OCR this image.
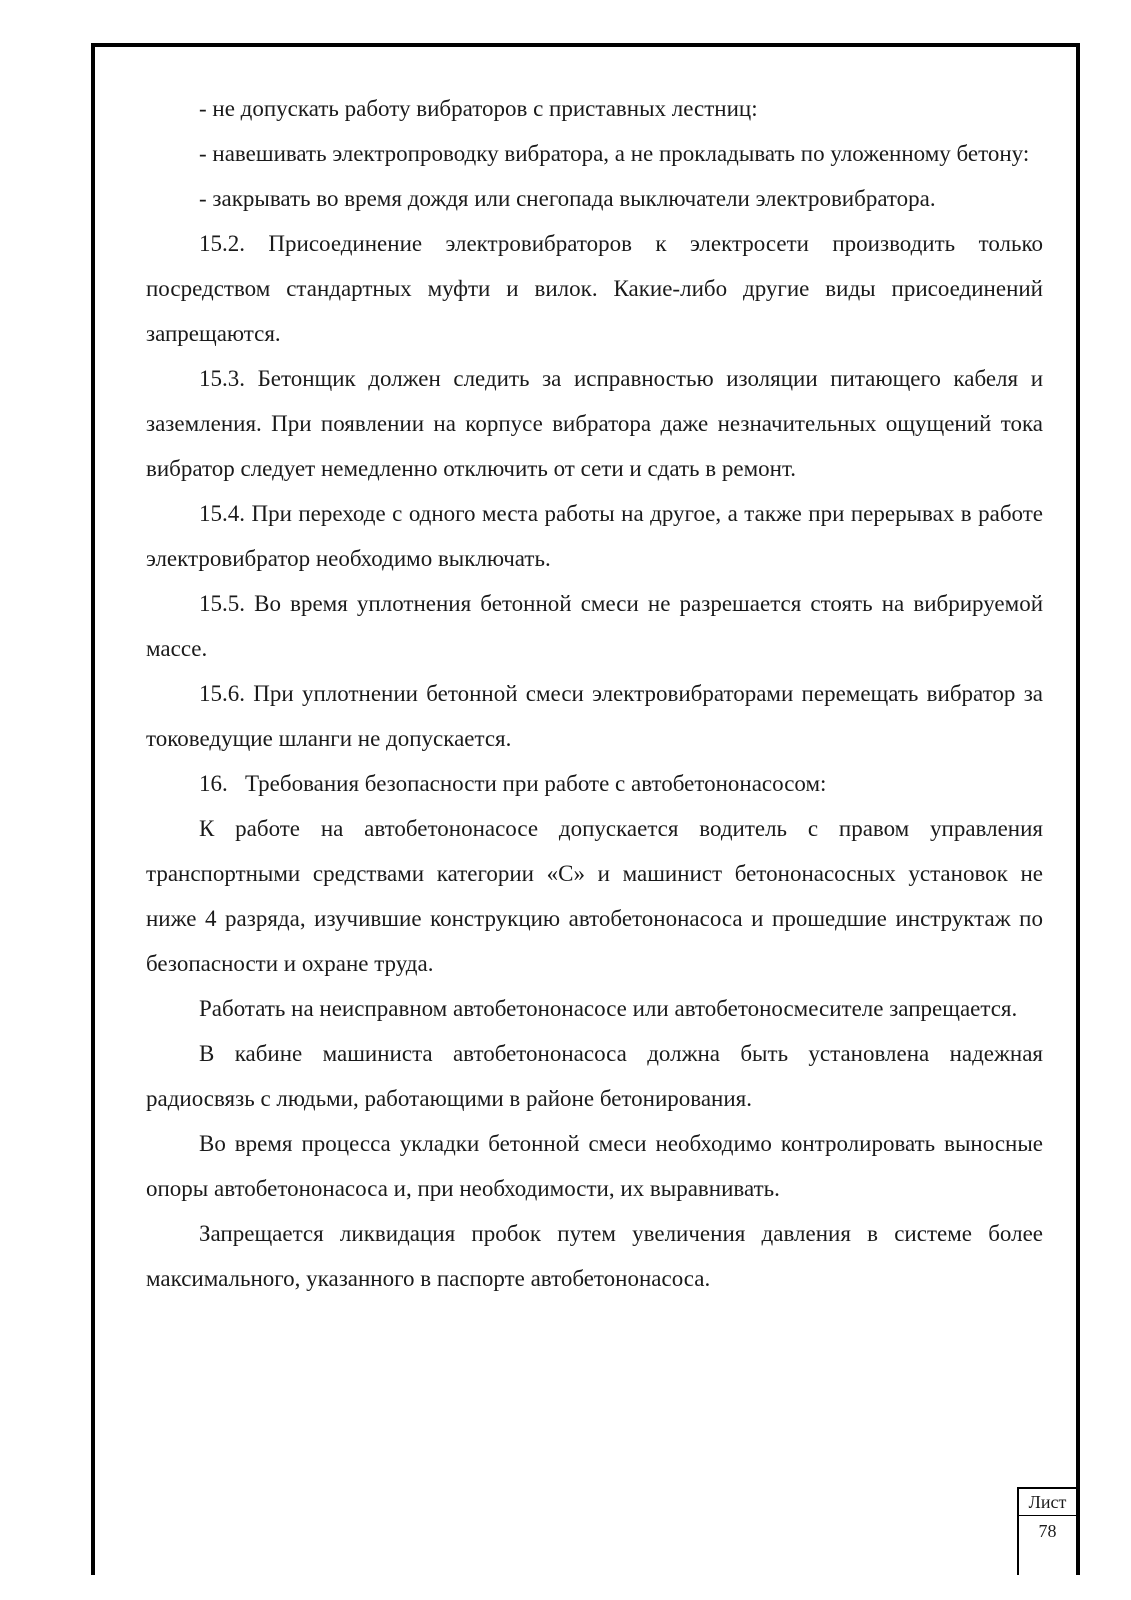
- не допускать работу вибраторов с приставных лестниц:

- навешивать электропроводку вибратора, а не прокладывать по уложенному бетону:

- закрывать во время дождя или снегопада выключатели электровибратора.

15.2. Присоединение электровибраторов к электросети производить только посредством стандартных муфти и вилок. Какие-либо другие виды присоединений запрещаются.

15.3. Бетонщик должен следить за исправностью изоляции питающего кабеля и заземления. При появлении на корпусе вибратора даже незначительных ощущений тока вибратор следует немедленно отключить от сети и сдать в ремонт.

15.4. При переходе с одного места работы на другое, а также при перерывах в работе электровибратор необходимо выключать.

15.5. Во время уплотнения бетонной смеси не разрешается стоять на вибрируемой массе.

15.6. При уплотнении бетонной смеси электровибраторами перемещать вибратор за токоведущие шланги не допускается.

16.   Требования безопасности при работе с автобетононасосом:

К работе на автобетононасосе допускается водитель с правом управления транспортными средствами категории «С» и машинист бетононасосных установок не ниже 4 разряда, изучившие конструкцию автобетононасоса и прошедшие инструктаж по безопасности и охране труда.

Работать на неисправном автобетононасосе или автобетоносмесителе запрещается.

В кабине машиниста автобетононасоса должна быть установлена надежная радиосвязь с людьми, работающими в районе бетонирования.

Во время процесса укладки бетонной смеси необходимо контролировать выносные опоры автобетононасоса и, при необходимости, их выравнивать.

Запрещается ликвидация пробок путем увеличения давления в системе более максимального, указанного в паспорте автобетононасоса.

Лист
78
